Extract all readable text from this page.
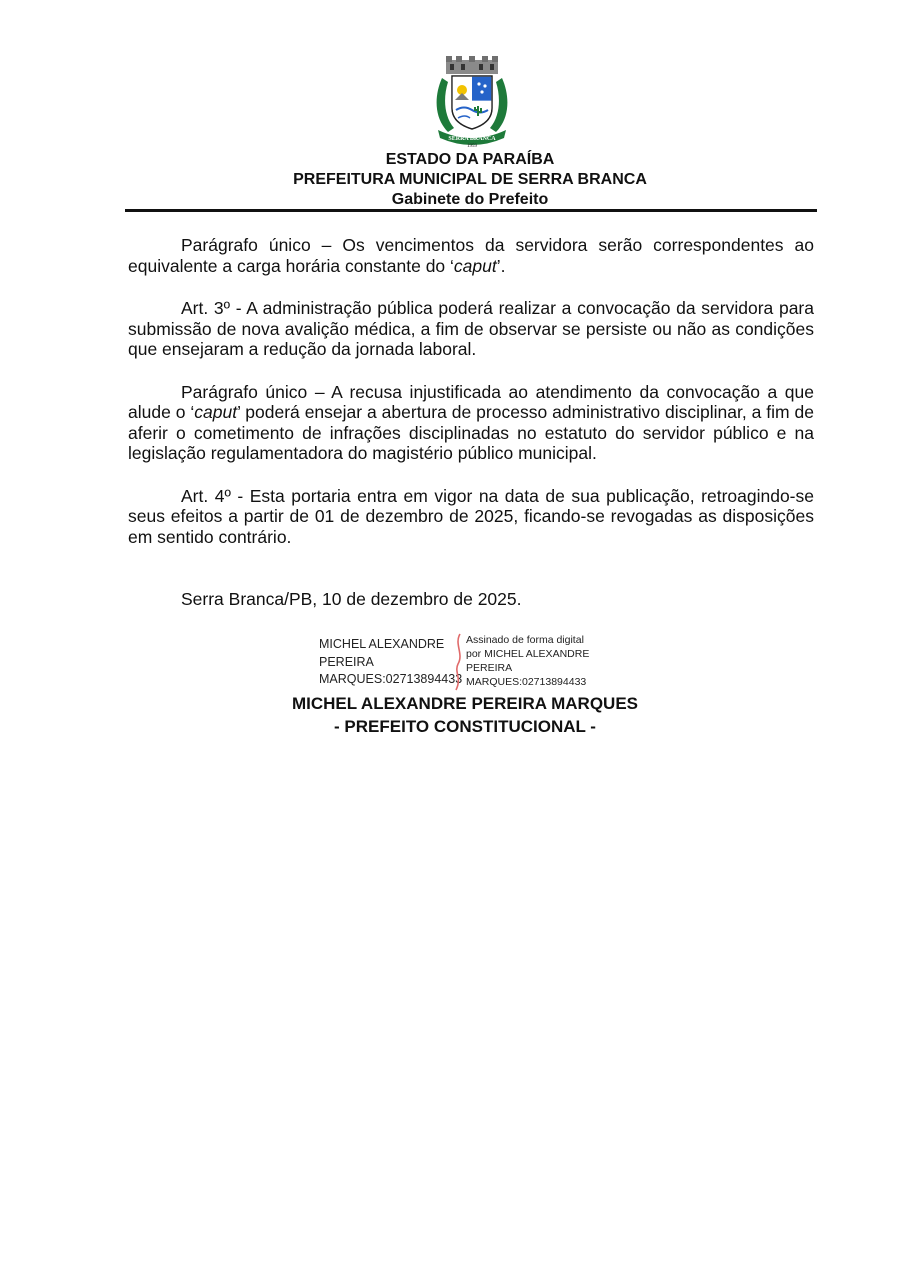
SERRA BRANCA
1959
ESTADO DA PARAÍBA
PREFEITURA MUNICIPAL DE SERRA BRANCA
Gabinete do Prefeito

Parágrafo único – Os vencimentos da servidora serão correspondentes ao equivalente a carga horária constante do ‘caput’.

Art. 3º - A administração pública poderá realizar a convocação da servidora para submissão de nova avalição médica, a fim de observar se persiste ou não as condições que ensejaram a redução da jornada laboral.

Parágrafo único – A recusa injustificada ao atendimento da convocação a que alude o ‘caput’ poderá ensejar a abertura de processo administrativo disciplinar, a fim de aferir o cometimento de infrações disciplinadas no estatuto do servidor público e na legislação regulamentadora do magistério público municipal.

Art. 4º - Esta portaria entra em vigor na data de sua publicação, retroagindo-se seus efeitos a partir de 01 de dezembro de 2025, ficando-se revogadas as disposições em sentido contrário.

Serra Branca/PB, 10 de dezembro de 2025.
MICHEL ALEXANDRE
PEREIRA
MARQUES:02713894433
Assinado de forma digital
por MICHEL ALEXANDRE
PEREIRA
MARQUES:02713894433
MICHEL ALEXANDRE PEREIRA MARQUES
- PREFEITO CONSTITUCIONAL -
